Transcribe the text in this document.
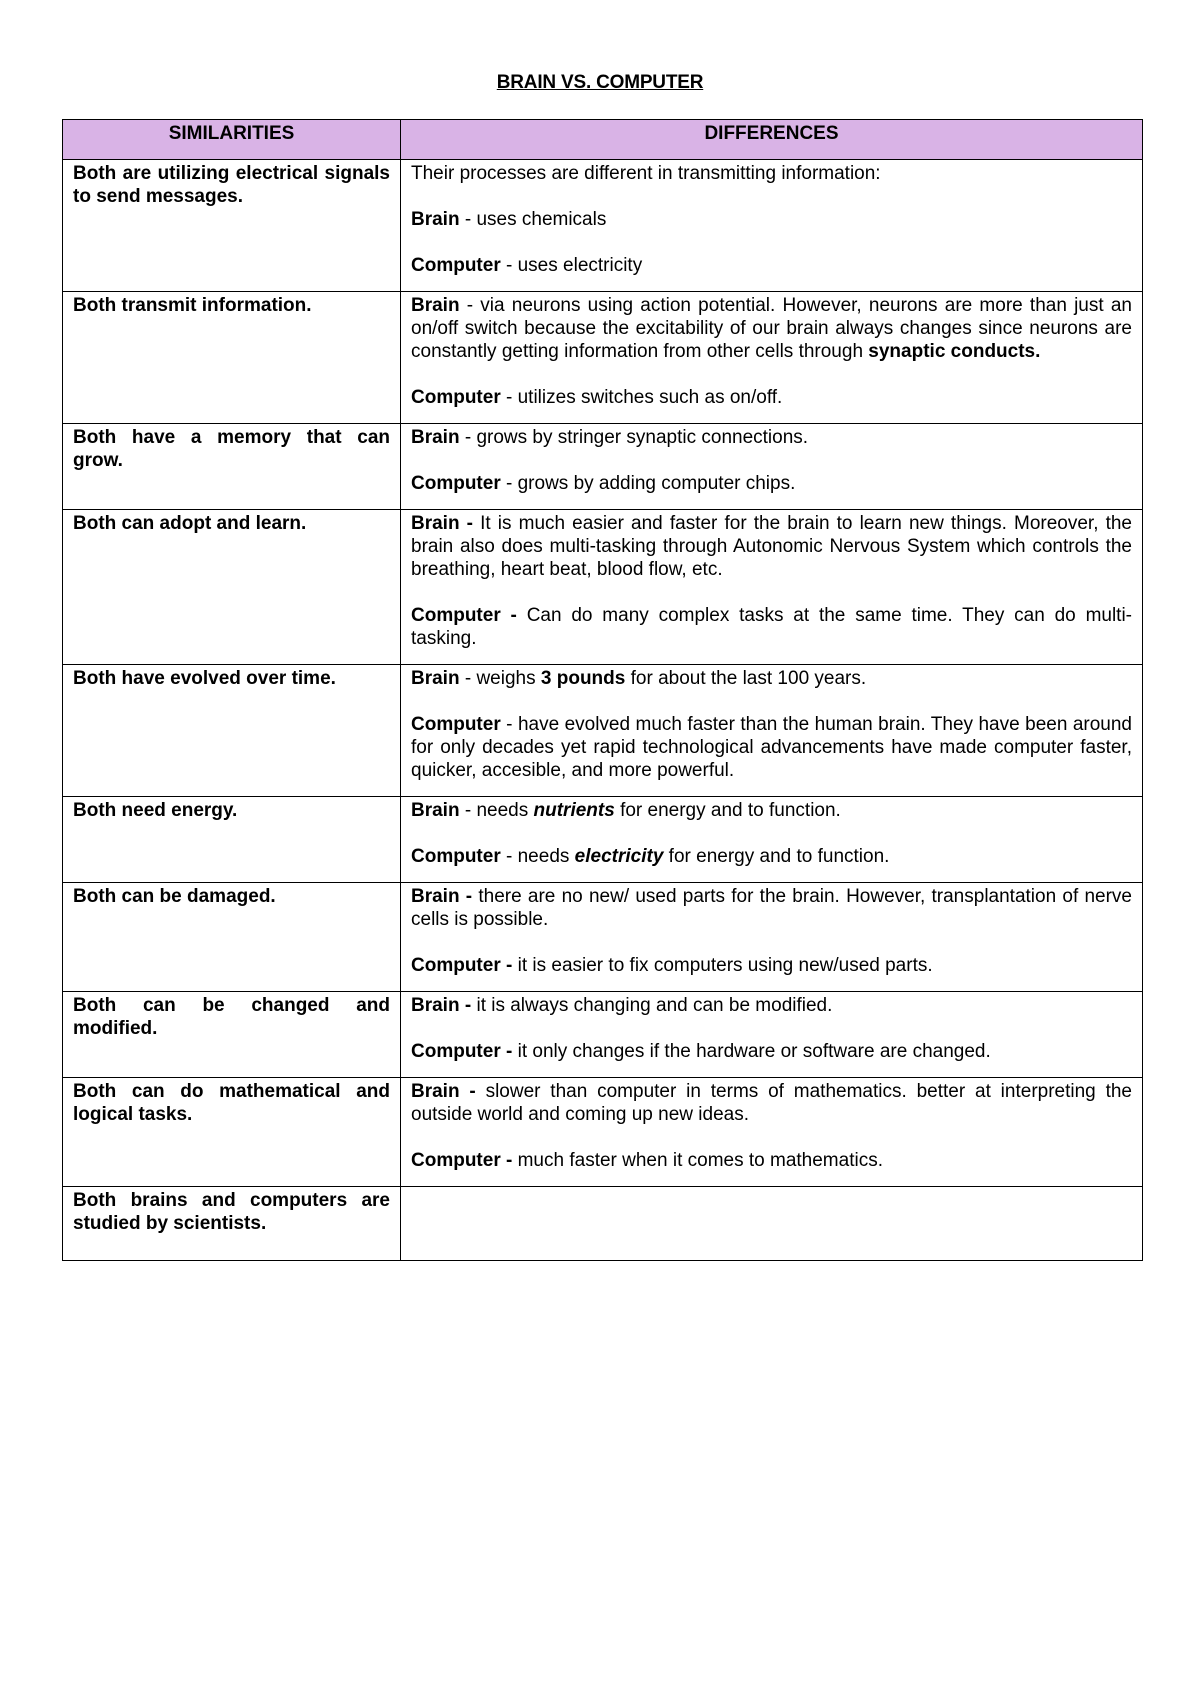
BRAIN VS. COMPUTER
SIMILARITIES	DIFFERENCES
Both are utilizing electrical signals to send messages.	Their processes are different in transmitting information:

Brain - uses chemicals

Computer - uses electricity

Both transmit information.	Brain - via neurons using action potential. However, neurons are more than just an on/off switch because the excitability of our brain always changes since neurons are constantly getting information from other cells through synaptic conducts.

Computer - utilizes switches such as on/off.

Both have a memory that can grow.	Brain - grows by stringer synaptic connections.

Computer - grows by adding computer chips.

Both can adopt and learn.	Brain - It is much easier and faster for the brain to learn new things. Moreover, the brain also does multi-tasking through Autonomic Nervous System which controls the breathing, heart beat, blood flow, etc.

Computer - Can do many complex tasks at the same time. They can do multi-tasking.

Both have evolved over time.	Brain - weighs 3 pounds for about the last 100 years.

Computer - have evolved much faster than the human brain. They have been around for only decades yet rapid technological advancements have made computer faster, quicker, accesible, and more powerful.

Both need energy.	Brain - needs nutrients for energy and to function.

Computer - needs electricity for energy and to function.

Both can be damaged.	Brain - there are no new/ used parts for the brain. However, transplantation of nerve cells is possible.

Computer - it is easier to fix computers using new/used parts.

Both can be changed and modified.	Brain - it is always changing and can be modified.

Computer - it only changes if the hardware or software are changed.

Both can do mathematical and logical tasks.	Brain - slower than computer in terms of mathematics. better at interpreting the outside world and coming up new ideas.

Computer - much faster when it comes to mathematics.

Both brains and computers are studied by scientists.	
